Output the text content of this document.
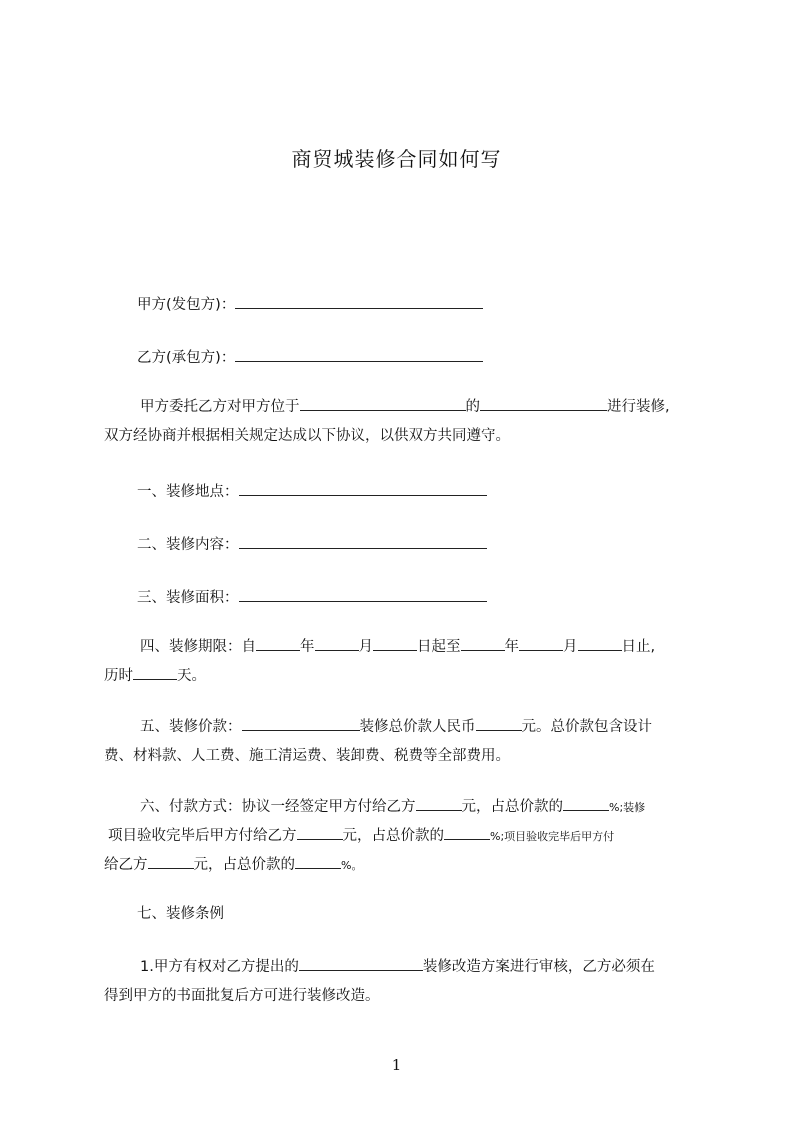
商贸城装修合同如何写
甲方(发包方)：
乙方(承包方)：
甲方委托乙方对甲方位于	的	进行装修,
双方经协商并根据相关规定达成以下协议，以供双方共同遵守。
一、装修地点：
二、装修内容：
三、装修面积：
四、装修期限：自	年	月	日起至	年	月	日止,
历时	天。
五、装修价款：	装修总价款人民币	元。总价款包含设计
费、材料款、人工费、施工清运费、装卸费、税费等全部费用。
六、付款方式：协议一经签定甲方付给乙方	元，占总价款的	%;装修
项目验收完毕后甲方付给乙方	元，占总价款的	%;项目验收完毕后甲方付
给乙方	元，占总价款的	%。
七、装修条例
1.甲方有权对乙方提出的	装修改造方案进行审核，乙方必须在
得到甲方的书面批复后方可进行装修改造。
1
